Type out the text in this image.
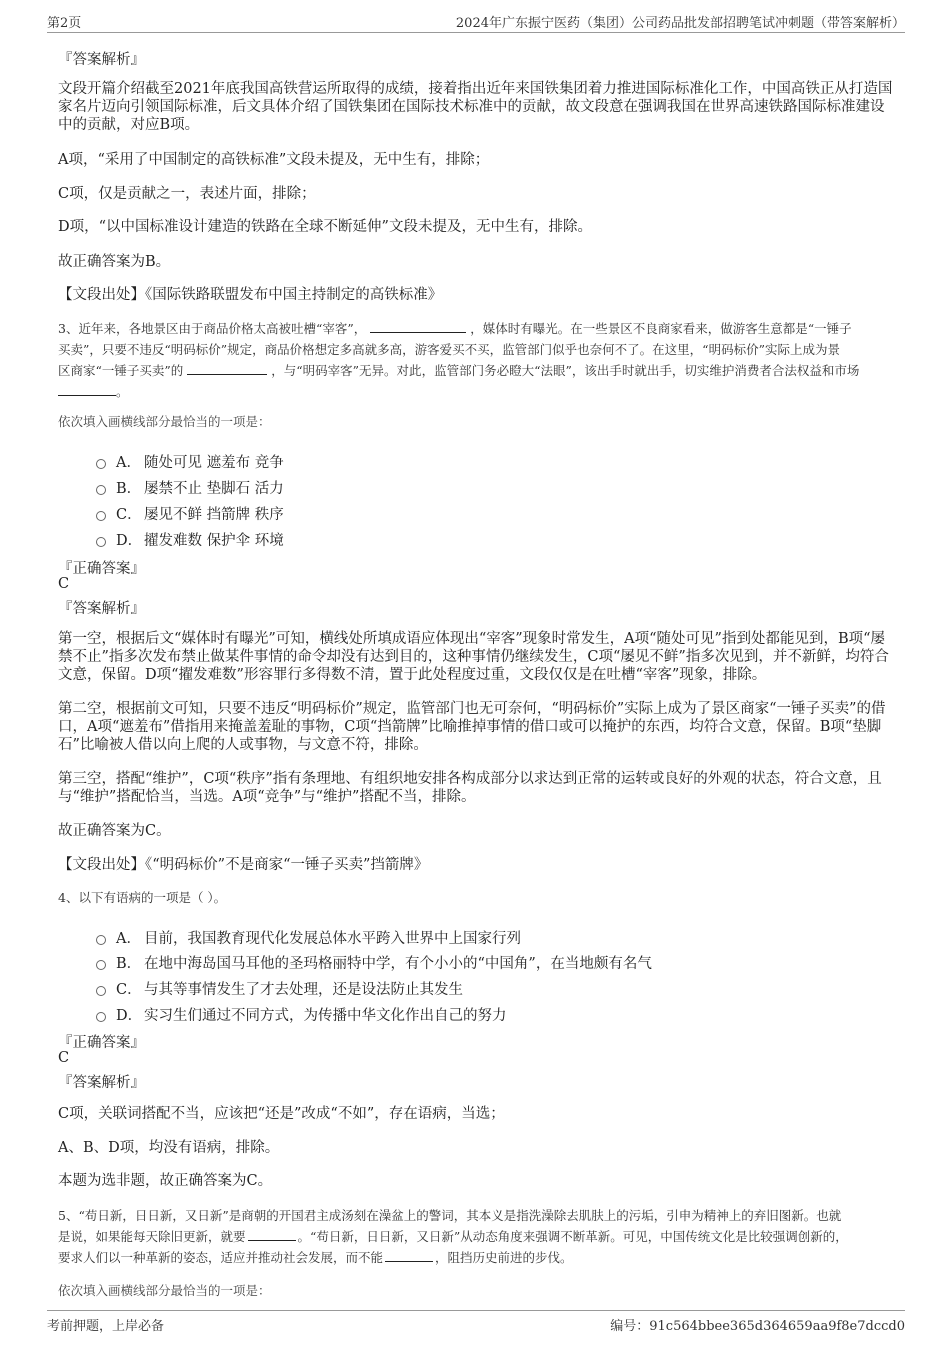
第2页	2024年广东振宁医药（集团）公司药品批发部招聘笔试冲刺题（带答案解析）
『答案解析』
文段开篇介绍截至2021年底我国高铁营运所取得的成绩，接着指出近年来国铁集团着力推进国际标准化工作，中国高铁正从打造国家名片迈向引领国际标准，后文具体介绍了国铁集团在国际技术标准中的贡献，故文段意在强调我国在世界高速铁路国际标准建设中的贡献，对应B项。
A项，“采用了中国制定的高铁标准”文段未提及，无中生有，排除；
C项，仅是贡献之一，表述片面，排除；
D项，“以中国标准设计建造的铁路在全球不断延伸”文段未提及，无中生有，排除。
故正确答案为B。
【文段出处】《国际铁路联盟发布中国主持制定的高铁标准》
3、近年来，各地景区由于商品价格太高被吐槽“宰客”，	，媒体时有曝光。在一些景区不良商家看来，做游客生意都是“一锤子
买卖”，只要不违反“明码标价”规定，商品价格想定多高就多高，游客爱买不买，监管部门似乎也奈何不了。在这里，“明码标价”实际上成为景
区商家“一锤子买卖”的	，与“明码宰客”无异。对此，监管部门务必瞪大“法眼”，该出手时就出手，切实维护消费者合法权益和市场
。
依次填入画横线部分最恰当的一项是：
A． 随处可见 遮羞布 竞争
B． 屡禁不止 垫脚石 活力
C． 屡见不鲜 挡箭牌 秩序
D． 擢发难数 保护伞 环境
『正确答案』
C
『答案解析』
第一空，根据后文“媒体时有曝光”可知，横线处所填成语应体现出“宰客”现象时常发生，A项“随处可见”指到处都能见到，B项“屡禁不止”指多次发布禁止做某件事情的命令却没有达到目的，这种事情仍继续发生，C项“屡见不鲜”指多次见到，并不新鲜，均符合文意，保留。D项“擢发难数”形容罪行多得数不清，置于此处程度过重，文段仅仅是在吐槽“宰客”现象，排除。
第二空，根据前文可知，只要不违反“明码标价”规定，监管部门也无可奈何，“明码标价”实际上成为了景区商家“一锤子买卖”的借口，A项“遮羞布”借指用来掩盖羞耻的事物，C项“挡箭牌”比喻推掉事情的借口或可以掩护的东西，均符合文意，保留。B项“垫脚石”比喻被人借以向上爬的人或事物，与文意不符，排除。
第三空，搭配“维护”，C项“秩序”指有条理地、有组织地安排各构成部分以求达到正常的运转或良好的外观的状态，符合文意，且与“维护”搭配恰当，当选。A项“竞争”与“维护”搭配不当，排除。
故正确答案为C。
【文段出处】《“明码标价”不是商家“一锤子买卖”挡箭牌》
4、以下有语病的一项是（ ）。
A． 目前，我国教育现代化发展总体水平跨入世界中上国家行列
B． 在地中海岛国马耳他的圣玛格丽特中学，有个小小的“中国角”，在当地颇有名气
C． 与其等事情发生了才去处理，还是设法防止其发生
D． 实习生们通过不同方式，为传播中华文化作出自己的努力
『正确答案』
C
『答案解析』
C项，关联词搭配不当，应该把“还是”改成“不如”，存在语病，当选；
A、B、D项，均没有语病，排除。
本题为选非题，故正确答案为C。
5、“苟日新，日日新，又日新”是商朝的开国君主成汤刻在澡盆上的警词，其本义是指洗澡除去肌肤上的污垢，引申为精神上的弃旧图新。也就
是说，如果能每天除旧更新，就要	。“苟日新，日日新，又日新”从动态角度来强调不断革新。可见，中国传统文化是比较强调创新的，
要求人们以一种革新的姿态，适应并推动社会发展，而不能	，阻挡历史前进的步伐。
依次填入画横线部分最恰当的一项是：
考前押题，上岸必备	编号：91c564bbee365d364659aa9f8e7dccd0
